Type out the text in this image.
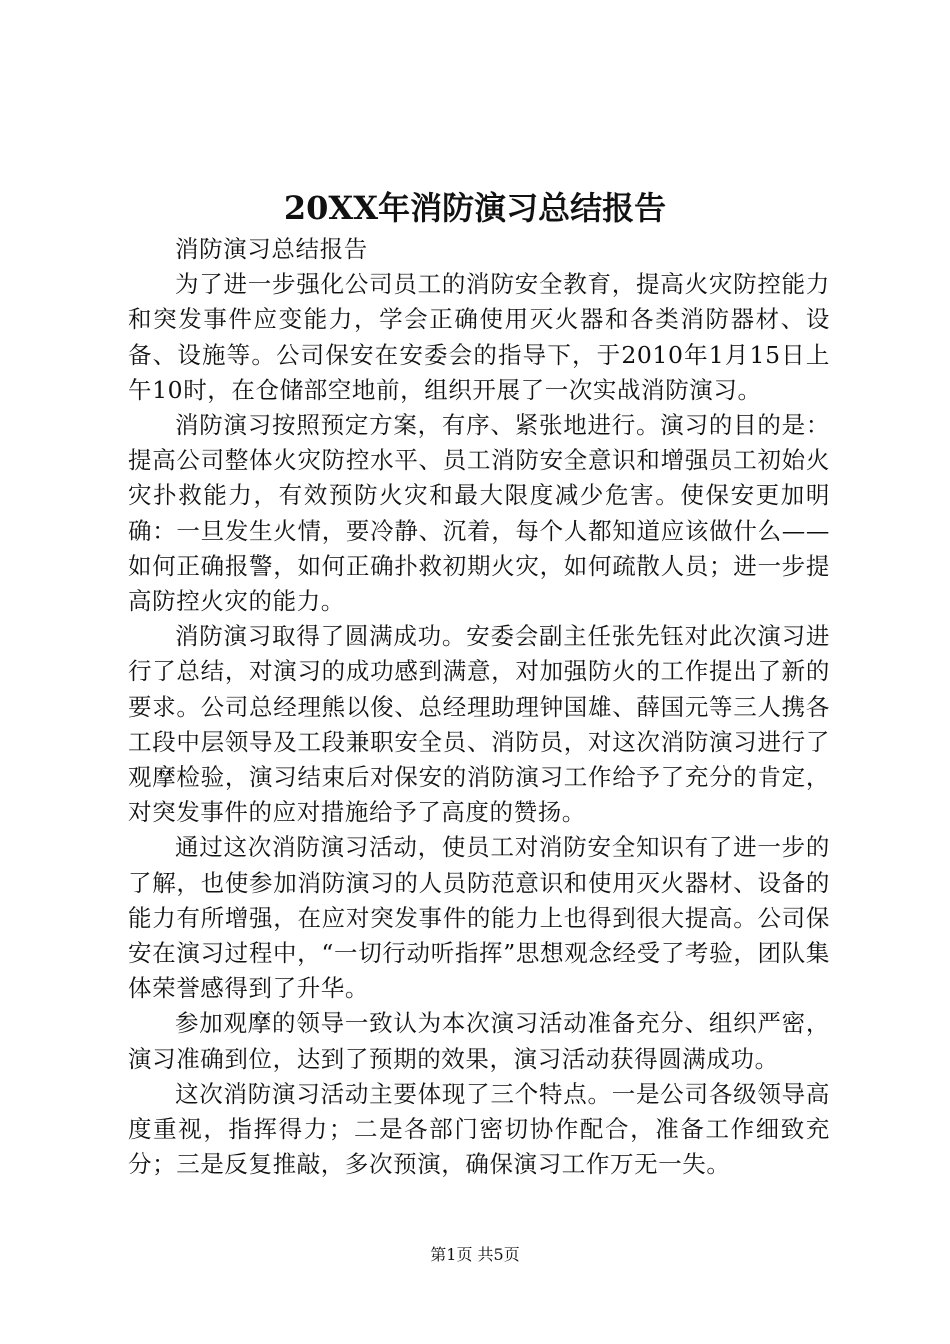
20XX年消防演习总结报告

消防演习总结报告

为了进一步强化公司员工的消防安全教育，提高火灾防控能力和突发事件应变能力，学会正确使用灭火器和各类消防器材、设备、设施等。公司保安在安委会的指导下，于2010年1月15日上午10时，在仓储部空地前，组织开展了一次实战消防演习。

消防演习按照预定方案，有序、紧张地进行。演习的目的是：提高公司整体火灾防控水平、员工消防安全意识和增强员工初始火灾扑救能力，有效预防火灾和最大限度减少危害。使保安更加明确：一旦发生火情，要冷静、沉着，每个人都知道应该做什么——如何正确报警，如何正确扑救初期火灾，如何疏散人员；进一步提高防控火灾的能力。

消防演习取得了圆满成功。安委会副主任张先钰对此次演习进行了总结，对演习的成功感到满意，对加强防火的工作提出了新的要求。公司总经理熊以俊、总经理助理钟国雄、薛国元等三人携各工段中层领导及工段兼职安全员、消防员，对这次消防演习进行了观摩检验，演习结束后对保安的消防演习工作给予了充分的肯定，对突发事件的应对措施给予了高度的赞扬。

通过这次消防演习活动，使员工对消防安全知识有了进一步的了解，也使参加消防演习的人员防范意识和使用灭火器材、设备的能力有所增强，在应对突发事件的能力上也得到很大提高。公司保安在演习过程中，“一切行动听指挥”思想观念经受了考验，团队集体荣誉感得到了升华。

参加观摩的领导一致认为本次演习活动准备充分、组织严密，演习准确到位，达到了预期的效果，演习活动获得圆满成功。

这次消防演习活动主要体现了三个特点。一是公司各级领导高度重视，指挥得力；二是各部门密切协作配合，准备工作细致充分；三是反复推敲，多次预演，确保演习工作万无一失。

第1页 共5页
